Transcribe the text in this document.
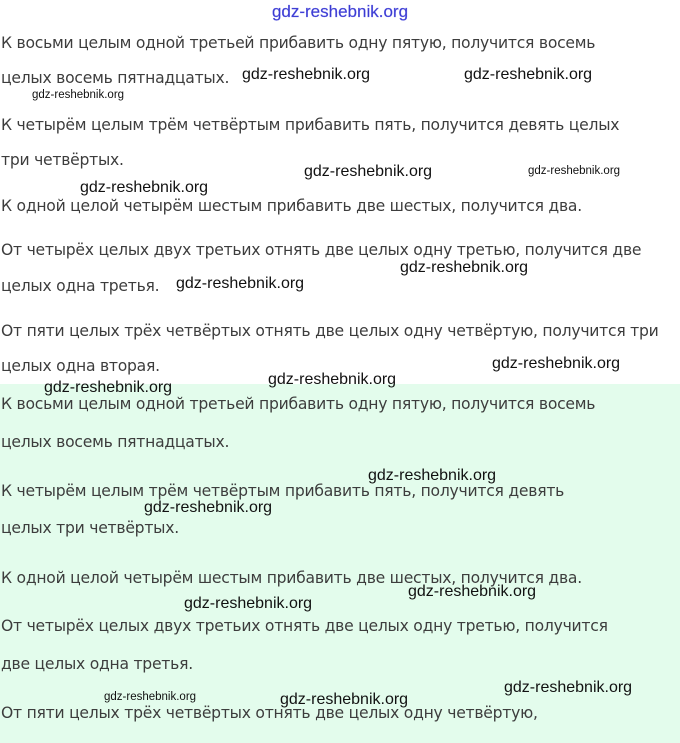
gdz-reshebnik.org
К восьми целым одной третьей прибавить одну пятую, получится восемь
целых восемь пятнадцатых.
К четырём целым трём четвёртым прибавить пять, получится девять целых
три четвёртых.
К одной целой четырём шестым прибавить две шестых, получится два.
От четырёх целых двух третьих отнять две целых одну третью, получится две
целых одна третья.
От пяти целых трёх четвёртых отнять две целых одну четвёртую, получится три
целых одна вторая.
К восьми целым одной третьей прибавить одну пятую, получится восемь
целых восемь пятнадцатых.
К четырём целым трём четвёртым прибавить пять, получится девять
целых три четвёртых.
К одной целой четырём шестым прибавить две шестых, получится два.
От четырёх целых двух третьих отнять две целых одну третью, получится
две целых одна третья.
От пяти целых трёх четвёртых отнять две целых одну четвёртую,
gdz-reshebnik.org	gdz-reshebnik.org
gdz-reshebnik.org
gdz-reshebnik.org	gdz-reshebnik.org
gdz-reshebnik.org
gdz-reshebnik.org
gdz-reshebnik.org
gdz-reshebnik.org
gdz-reshebnik.org
gdz-reshebnik.org
gdz-reshebnik.org
gdz-reshebnik.org
gdz-reshebnik.org
gdz-reshebnik.org
gdz-reshebnik.org
gdz-reshebnik.org	gdz-reshebnik.org
